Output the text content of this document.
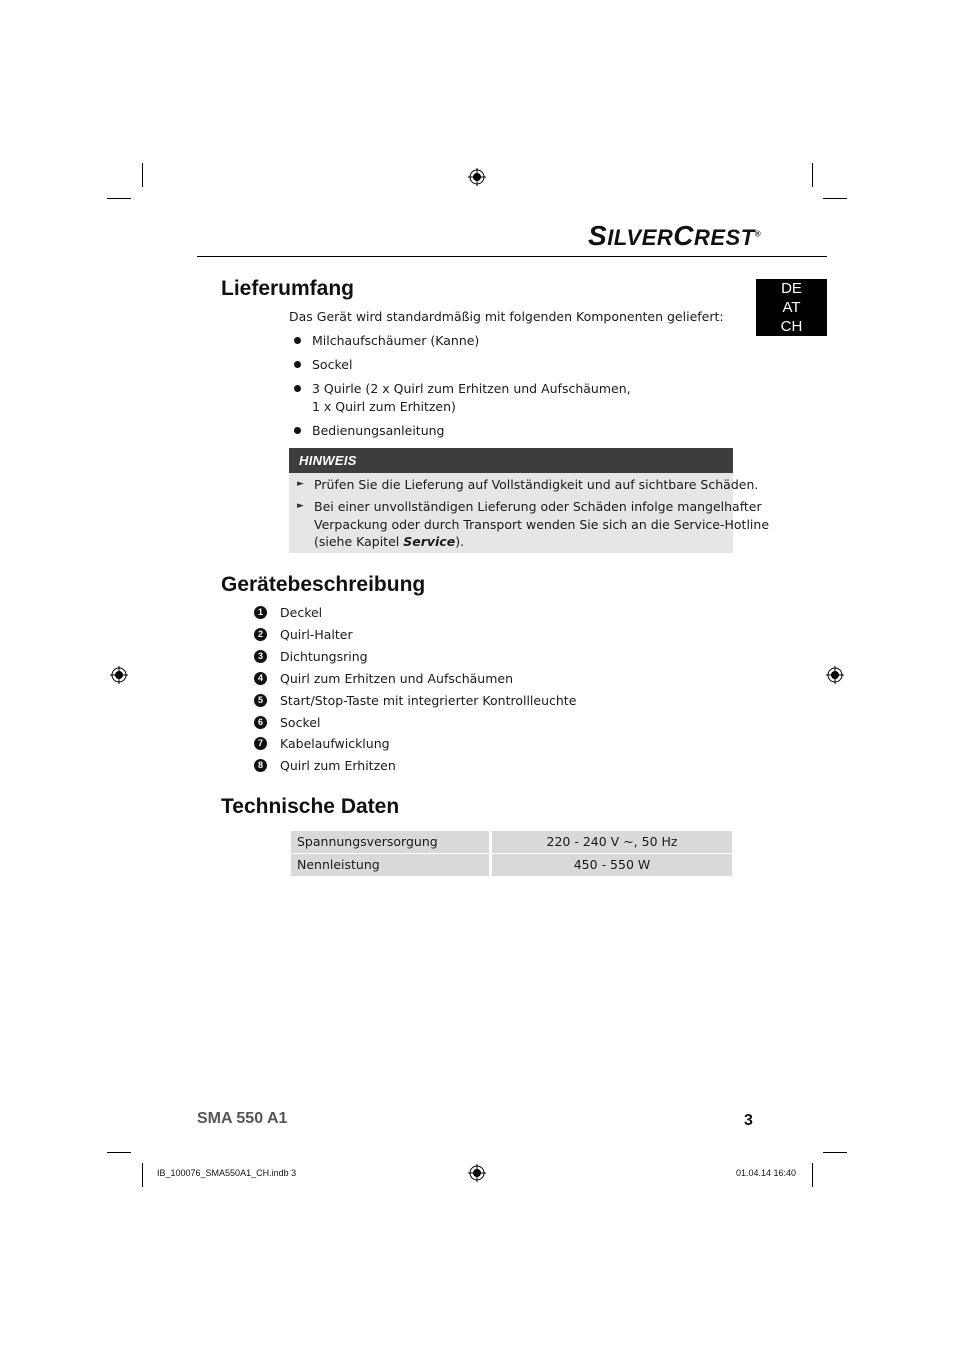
SILVERCREST®
DE
AT
CH
Lieferumfang
Das Gerät wird standardmäßig mit folgenden Komponenten geliefert:
Milchaufschäumer (Kanne)
Sockel
3 Quirle (2 x Quirl zum Erhitzen und Aufschäumen,
1 x Quirl zum Erhitzen)
Bedienungsanleitung
HINWEIS
► Prüfen Sie die Lieferung auf Vollständigkeit und auf sichtbare Schäden.
► Bei einer unvollständigen Lieferung oder Schäden infolge mangelhafter
Verpackung oder durch Transport wenden Sie sich an die Service-Hotline
(siehe Kapitel Service).
Gerätebeschreibung
1	Deckel
2	Quirl-Halter
3	Dichtungsring
4	Quirl zum Erhitzen und Aufschäumen
5	Start/Stop-Taste mit integrierter Kontrollleuchte
6	Sockel
7	Kabelaufwicklung
8	Quirl zum Erhitzen
Technische Daten
Spannungsversorgung	220 - 240 V ~, 50 Hz
Nennleistung	450 - 550 W
SMA 550 A1	3
IB_100076_SMA550A1_CH.indb 3	01.04.14 16:40
